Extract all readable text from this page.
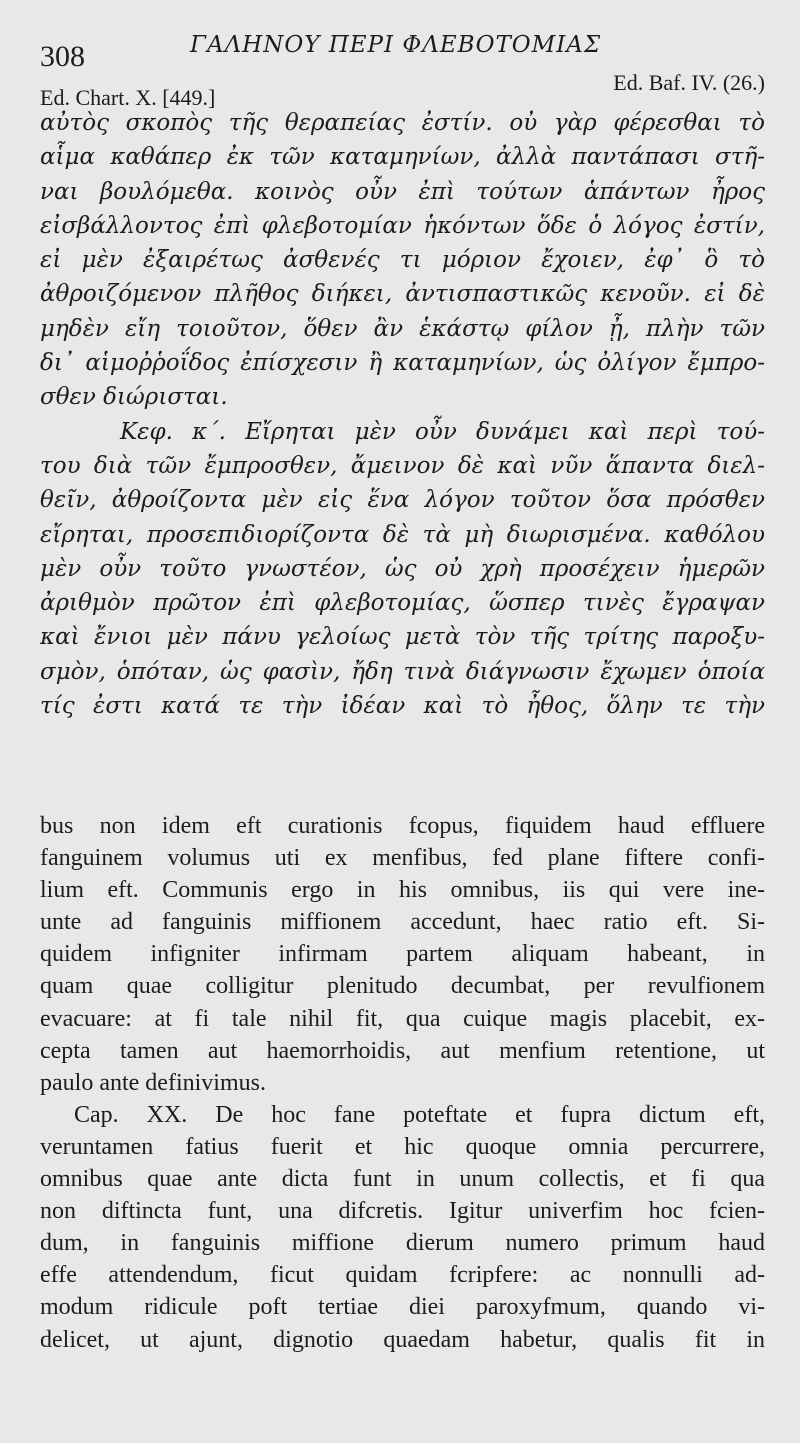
308	ΓΑΛΗΝΟΥ ΠΕΡΙ ΦΛΕΒΟΤΟΜΙΑΣ
Ed. Chart. X. [449.]
Ed. Baf. IV. (26.)
αὐτὸς σκοπὸς τῆς θεραπείας ἐστίν. οὐ γὰρ φέρεσθαι τὸ
αἷμα καθάπερ ἐκ τῶν καταμηνίων, ἀλλὰ παντάπασι στῆ-
ναι βουλόμεθα. κοινὸς οὖν ἐπὶ τούτων ἁπάντων ἦρος
εἰσβάλλοντος ἐπὶ φλεβοτομίαν ἡκόντων ὅδε ὁ λόγος ἐστίν,
εἰ μὲν ἐξαιρέτως ἀσθενές τι μόριον ἔχοιεν, ἐφ᾽ ὃ τὸ
ἀθροιζόμενον πλῆθος διήκει, ἀντισπαστικῶς κενοῦν. εἰ δὲ
μηδὲν εἴη τοιοῦτον, ὅθεν ἂν ἑκάστῳ φίλον ᾖ, πλὴν τῶν
δι᾽ αἱμοῤῥοΐδος ἐπίσχεσιν ἢ καταμηνίων, ὡς ὀλίγον ἔμπρο-
σθεν διώρισται.
Κεφ. κ΄. Εἴρηται μὲν οὖν δυνάμει καὶ περὶ τού-
του διὰ τῶν ἔμπροσθεν, ἄμεινον δὲ καὶ νῦν ἅπαντα διελ-
θεῖν, ἀθροίζοντα μὲν εἰς ἕνα λόγον τοῦτον ὅσα πρόσθεν
εἴρηται, προσεπιδιορίζοντα δὲ τὰ μὴ διωρισμένα. καθόλου
μὲν οὖν τοῦτο γνωστέον, ὡς οὐ χρὴ προσέχειν ἡμερῶν
ἀριθμὸν πρῶτον ἐπὶ φλεβοτομίας, ὥσπερ τινὲς ἔγραψαν
καὶ ἔνιοι μὲν πάνυ γελοίως μετὰ τὸν τῆς τρίτης παροξυ-
σμὸν, ὁπόταν, ὡς φασὶν, ἤδη τινὰ διάγνωσιν ἔχωμεν ὁποία
τίς ἐστι κατά τε τὴν ἰδέαν καὶ τὸ ἦθος, ὅλην τε τὴν
bus non idem eft curationis fcopus, fiquidem haud effluere
fanguinem volumus uti ex menfibus, fed plane fiftere confi-
lium eft. Communis ergo in his omnibus, iis qui vere ine-
unte ad fanguinis miffionem accedunt, haec ratio eft. Si-
quidem infigniter infirmam partem aliquam habeant, in
quam quae colligitur plenitudo decumbat, per revulfionem
evacuare: at fi tale nihil fit, qua cuique magis placebit, ex-
cepta tamen aut haemorrhoidis, aut menfium retentione, ut
paulo ante definivimus.
Cap. XX. De hoc fane poteftate et fupra dictum eft,
veruntamen fatius fuerit et hic quoque omnia percurrere,
omnibus quae ante dicta funt in unum collectis, et fi qua
non diftincta funt, una difcretis. Igitur univerfim hoc fcien-
dum, in fanguinis miffione dierum numero primum haud
effe attendendum, ficut quidam fcripfere: ac nonnulli ad-
modum ridicule poft tertiae diei paroxyfmum, quando vi-
delicet, ut ajunt, dignotio quaedam habetur, qualis fit in
